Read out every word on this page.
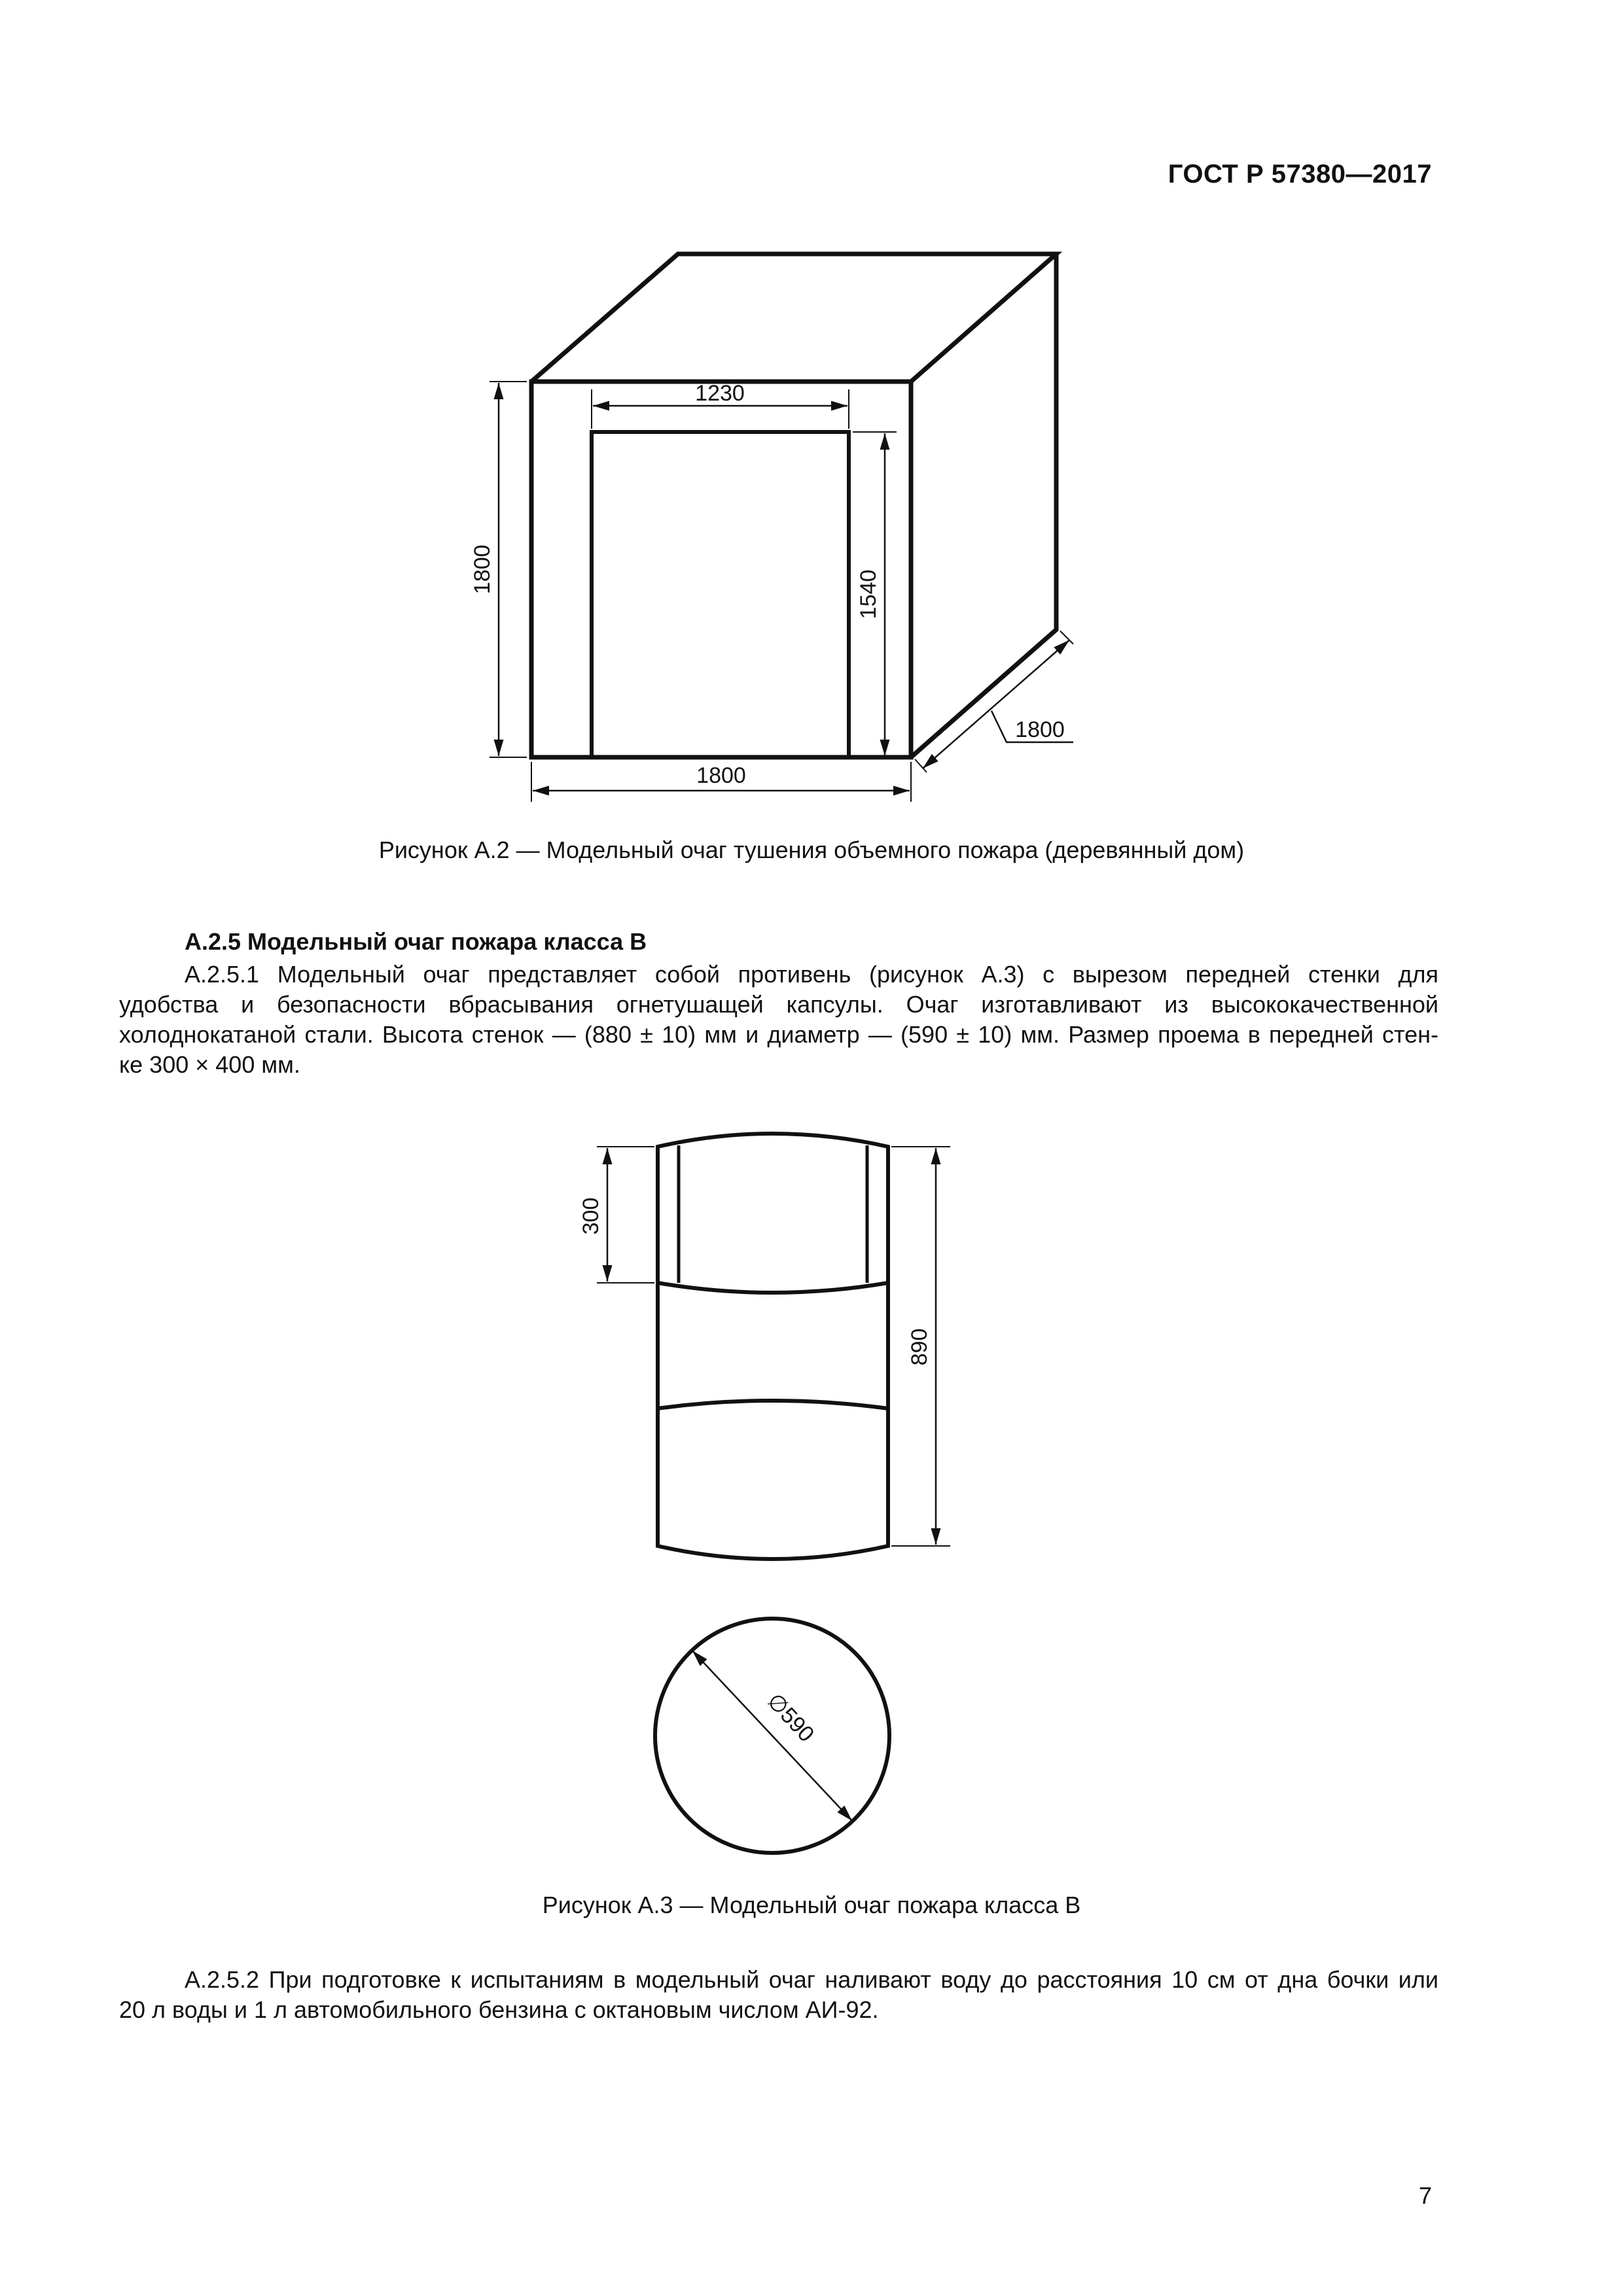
ГОСТ Р 57380—2017
1230
1540
1800
1800
1800
Рисунок А.2 — Модельный очаг тушения объемного пожара (деревянный дом)
А.2.5 Модельный очаг пожара класса В
А.2.5.1 Модельный очаг представляет собой противень (рисунок А.3) с вырезом передней стенки для
удобства и безопасности вбрасывания огнетушащей капсулы. Очаг изготавливают из высококачественной
холоднокатаной стали. Высота стенок — (880 ± 10) мм и диаметр — (590 ± 10) мм. Размер проема в передней стен-
ке 300 × 400 мм.
300
890
∅590
Рисунок А.3 — Модельный очаг пожара класса В
А.2.5.2 При подготовке к испытаниям в модельный очаг наливают воду до расстояния 10 см от дна бочки или
20 л воды и 1 л автомобильного бензина с октановым числом АИ-92.
7
